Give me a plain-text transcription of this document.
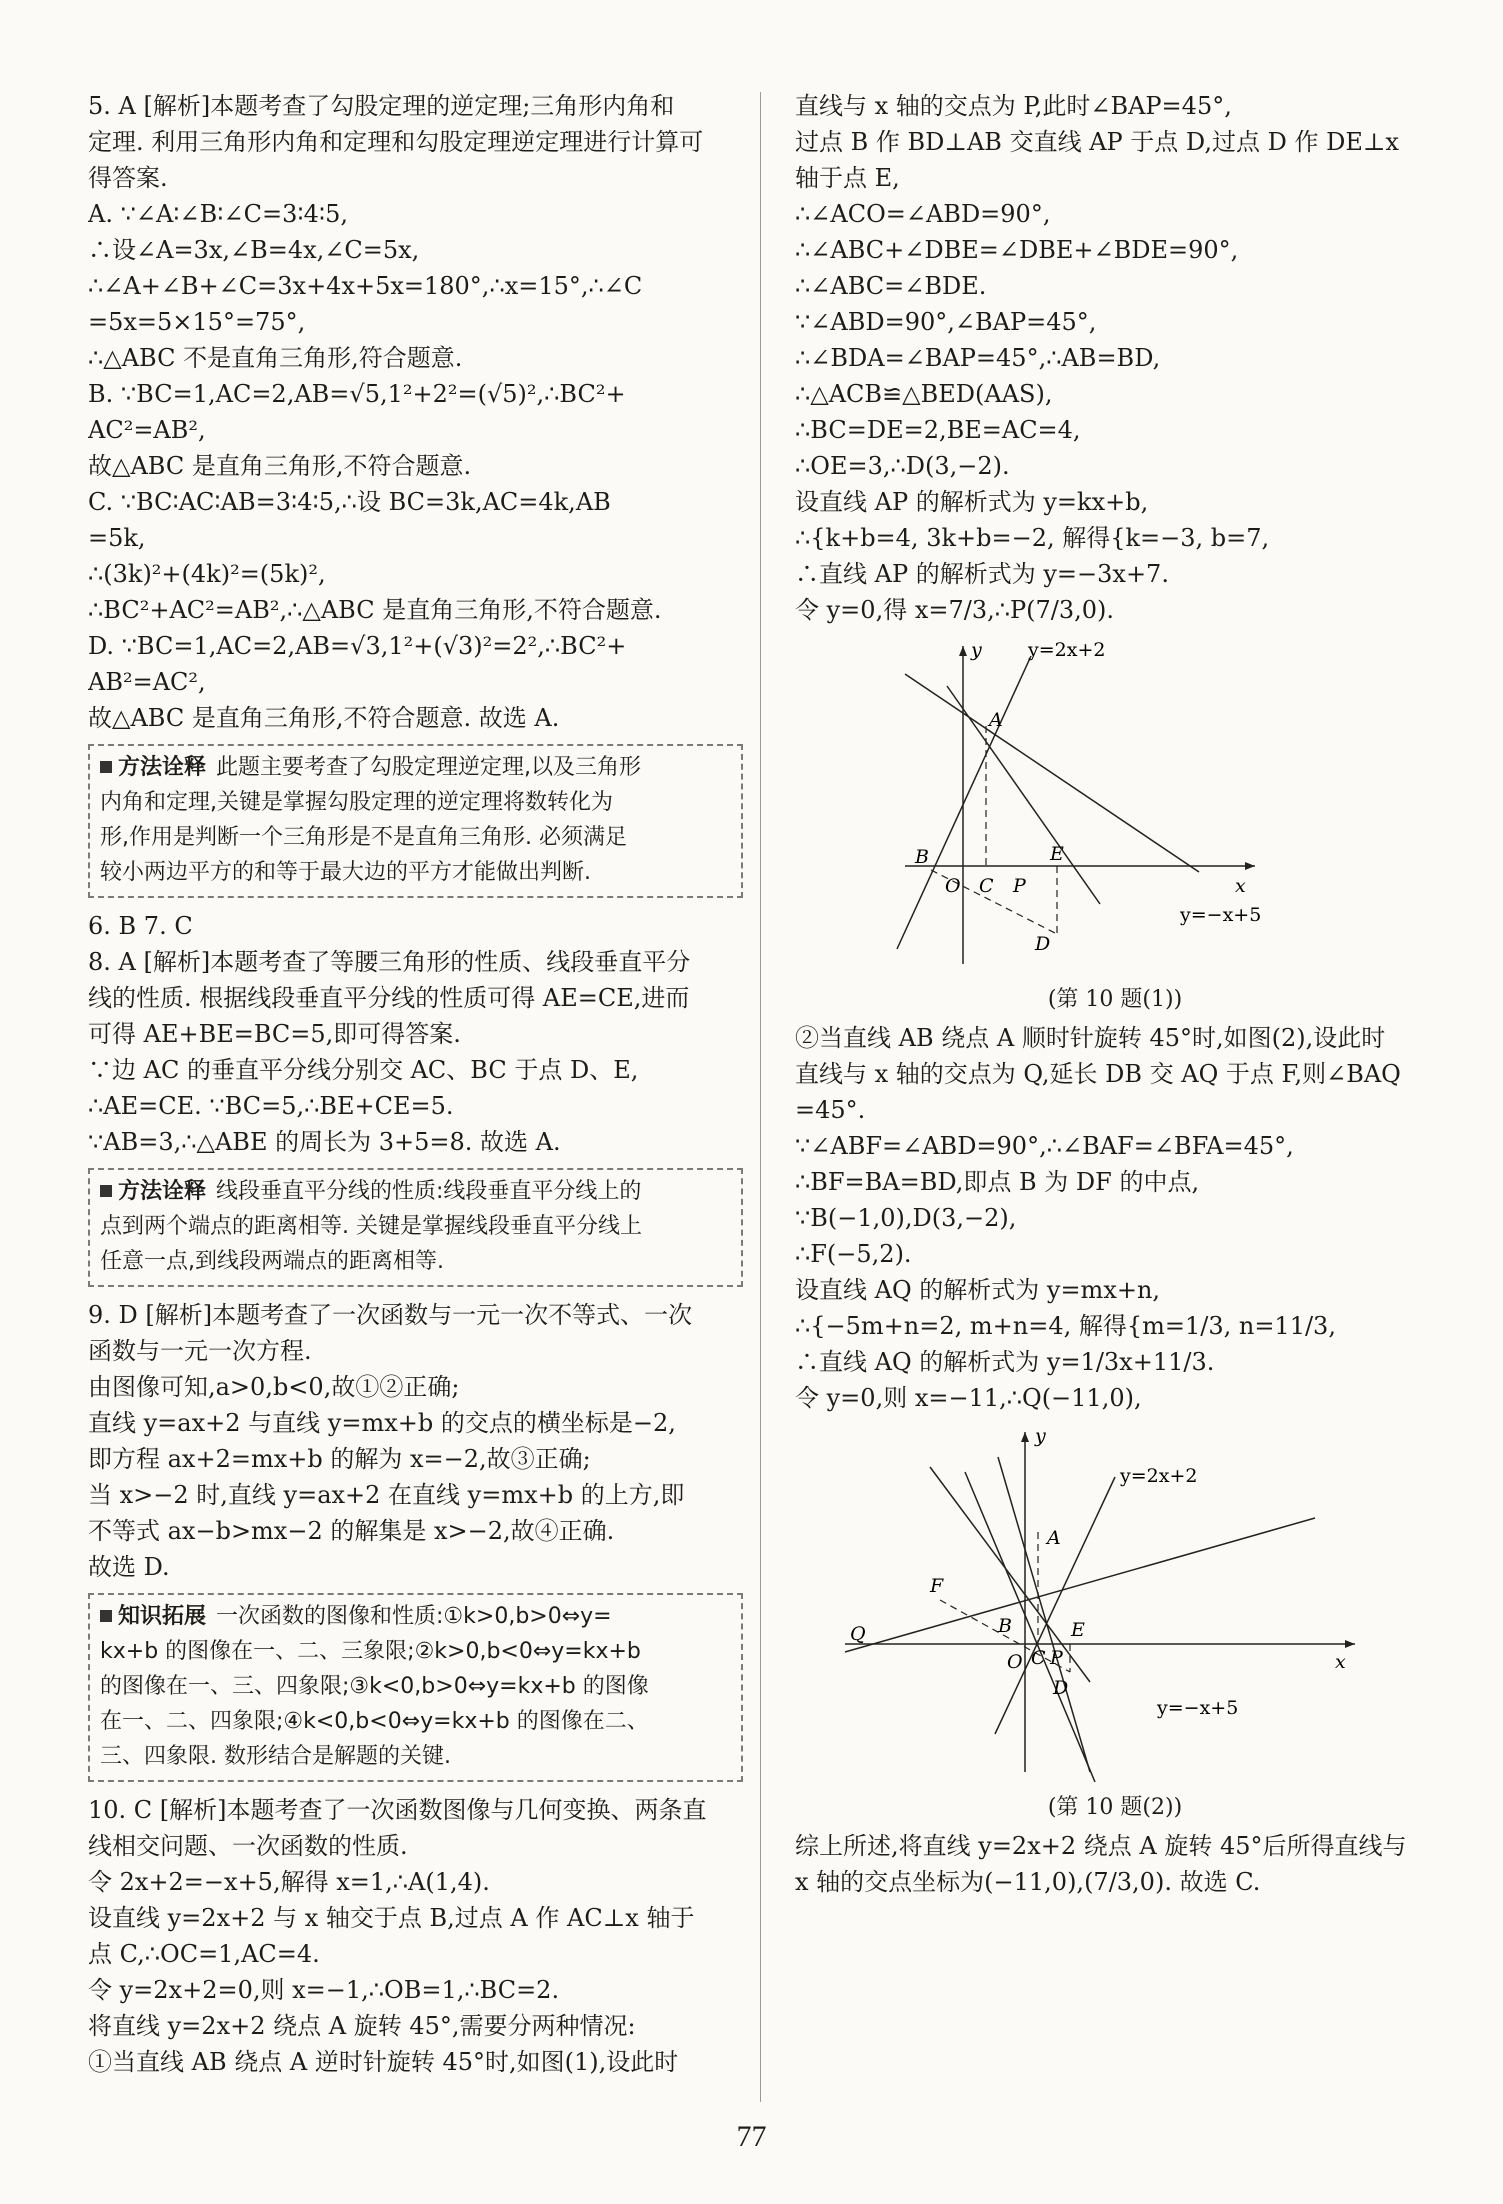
5. A [解析]本题考查了勾股定理的逆定理;三角形内角和
定理. 利用三角形内角和定理和勾股定理逆定理进行计算可
得答案.
A. ∵∠A∶∠B∶∠C=3∶4∶5,
∴设∠A=3x,∠B=4x,∠C=5x,
∴∠A+∠B+∠C=3x+4x+5x=180°,∴x=15°,∴∠C
=5x=5×15°=75°,
∴△ABC 不是直角三角形,符合题意.
B. ∵BC=1,AC=2,AB=√5,1²+2²=(√5)²,∴BC²+
AC²=AB²,
故△ABC 是直角三角形,不符合题意.
C. ∵BC∶AC∶AB=3∶4∶5,∴设 BC=3k,AC=4k,AB
=5k,
∴(3k)²+(4k)²=(5k)²,
∴BC²+AC²=AB²,∴△ABC 是直角三角形,不符合题意.
D. ∵BC=1,AC=2,AB=√3,1²+(√3)²=2²,∴BC²+
AB²=AC²,
故△ABC 是直角三角形,不符合题意. 故选 A.
方法诠释 此题主要考查了勾股定理逆定理,以及三角形
内角和定理,关键是掌握勾股定理的逆定理将数转化为
形,作用是判断一个三角形是不是直角三角形. 必须满足
较小两边平方的和等于最大边的平方才能做出判断.
6. B 7. C
8. A [解析]本题考查了等腰三角形的性质、线段垂直平分
线的性质. 根据线段垂直平分线的性质可得 AE=CE,进而
可得 AE+BE=BC=5,即可得答案.
∵边 AC 的垂直平分线分别交 AC、BC 于点 D、E,
∴AE=CE. ∵BC=5,∴BE+CE=5.
∵AB=3,∴△ABE 的周长为 3+5=8. 故选 A.
方法诠释 线段垂直平分线的性质:线段垂直平分线上的
点到两个端点的距离相等. 关键是掌握线段垂直平分线上
任意一点,到线段两端点的距离相等.
9. D [解析]本题考查了一次函数与一元一次不等式、一次
函数与一元一次方程.
由图像可知,a>0,b<0,故①②正确;
直线 y=ax+2 与直线 y=mx+b 的交点的横坐标是−2,
即方程 ax+2=mx+b 的解为 x=−2,故③正确;
当 x>−2 时,直线 y=ax+2 在直线 y=mx+b 的上方,即
不等式 ax−b>mx−2 的解集是 x>−2,故④正确.
故选 D.
知识拓展 一次函数的图像和性质:①k>0,b>0⇔y=
kx+b 的图像在一、二、三象限;②k>0,b<0⇔y=kx+b
的图像在一、三、四象限;③k<0,b>0⇔y=kx+b 的图像
在一、二、四象限;④k<0,b<0⇔y=kx+b 的图像在二、
三、四象限. 数形结合是解题的关键.
10. C [解析]本题考查了一次函数图像与几何变换、两条直
线相交问题、一次函数的性质.
令 2x+2=−x+5,解得 x=1,∴A(1,4).
设直线 y=2x+2 与 x 轴交于点 B,过点 A 作 AC⊥x 轴于
点 C,∴OC=1,AC=4.
令 y=2x+2=0,则 x=−1,∴OB=1,∴BC=2.
将直线 y=2x+2 绕点 A 旋转 45°,需要分两种情况:
①当直线 AB 绕点 A 逆时针旋转 45°时,如图(1),设此时
直线与 x 轴的交点为 P,此时∠BAP=45°,
过点 B 作 BD⊥AB 交直线 AP 于点 D,过点 D 作 DE⊥x
轴于点 E,
∴∠ACO=∠ABD=90°,
∴∠ABC+∠DBE=∠DBE+∠BDE=90°,
∴∠ABC=∠BDE.
∵∠ABD=90°,∠BAP=45°,
∴∠BDA=∠BAP=45°,∴AB=BD,
∴△ACB≌△BED(AAS),
∴BC=DE=2,BE=AC=4,
∴OE=3,∴D(3,−2).
设直线 AP 的解析式为 y=kx+b,
∴{k+b=4, 3k+b=−2, 解得{k=−3, b=7,
∴直线 AP 的解析式为 y=−3x+7.
令 y=0,得 x=7/3,∴P(7/3,0).
y=2x+2
y=−x+5
A
B
O C P
E
D
x
y
(第 10 题(1))
②当直线 AB 绕点 A 顺时针旋转 45°时,如图(2),设此时
直线与 x 轴的交点为 Q,延长 DB 交 AQ 于点 F,则∠BAQ
=45°.
∵∠ABF=∠ABD=90°,∴∠BAF=∠BFA=45°,
∴BF=BA=BD,即点 B 为 DF 的中点,
∵B(−1,0),D(3,−2),
∴F(−5,2).
设直线 AQ 的解析式为 y=mx+n,
∴{−5m+n=2, m+n=4, 解得{m=1/3, n=11/3,
∴直线 AQ 的解析式为 y=1/3x+11/3.
令 y=0,则 x=−11,∴Q(−11,0),
y=2x+2
y=−x+5
Q
F
A
B
O C P
E
D
x
y
(第 10 题(2))
综上所述,将直线 y=2x+2 绕点 A 旋转 45°后所得直线与
x 轴的交点坐标为(−11,0),(7/3,0). 故选 C.
77
